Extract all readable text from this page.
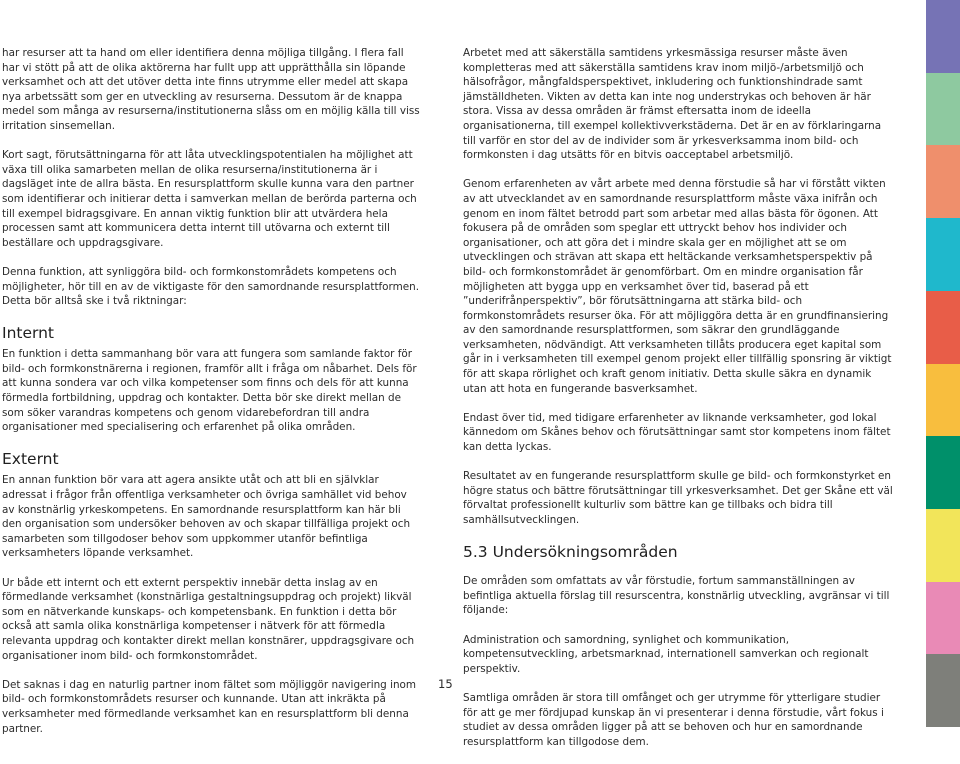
har resurser att ta hand om eller identifiera denna möjliga tillgång. I flera fall har vi stött på att de olika aktörerna har fullt upp att upprätthålla sin löpande verksamhet och att det utöver detta inte finns utrymme eller medel att skapa nya arbetssätt som ger en utveckling av resurserna. Dessutom är de knappa medel som många av resurserna/institutionerna slåss om en möjlig källa till viss irritation sinsemellan.

Kort sagt, förutsättningarna för att låta utvecklingspotentialen ha möjlighet att växa till olika samarbeten mellan de olika resurserna/institutionerna är i dagsläget inte de allra bästa. En resursplattform skulle kunna vara den partner som identifierar och initierar detta i samverkan mellan de berörda parterna och till exempel bidragsgivare. En annan viktig funktion blir att utvärdera hela processen samt att kommunicera detta internt till utövarna och externt till beställare och uppdragsgivare.

Denna funktion, att synliggöra bild- och formkonstområdets kompetens och möjligheter, hör till en av de viktigaste för den samordnande resursplattformen. Detta bör alltså ske i två riktningar:

Internt

En funktion i detta sammanhang bör vara att fungera som samlande faktor för bild- och formkonstnärerna i regionen, framför allt i fråga om nåbarhet. Dels för att kunna sondera var och vilka kompetenser som finns och dels för att kunna förmedla fortbildning, uppdrag och kontakter. Detta bör ske direkt mellan de som söker varandras kompetens och genom vidarebefordran till andra organisationer med specialisering och erfarenhet på olika områden.

Externt

En annan funktion bör vara att agera ansikte utåt och att bli en självklar adressat i frågor från offentliga verksamheter och övriga samhället vid behov av konstnärlig yrkeskompetens. En samordnande resursplattform kan här bli den organisation som undersöker behoven av och skapar tillfälliga projekt och samarbeten som tillgodoser behov som uppkommer utanför befintliga verksamheters löpande verksamhet.

Ur både ett internt och ett externt perspektiv innebär detta inslag av en förmedlande verksamhet (konstnärliga gestaltningsuppdrag och projekt) likväl som en nätverkande kunskaps- och kompetensbank. En funktion i detta bör också att samla olika konstnärliga kompetenser i nätverk för att förmedla relevanta uppdrag och kontakter direkt mellan konstnärer, uppdragsgivare och organisationer inom bild- och formkonstområdet.

Det saknas i dag en naturlig partner inom fältet som möjliggör navigering inom bild- och formkonstområdets resurser och kunnande. Utan att inkräkta på verksamheter med förmedlande verksamhet kan en resursplattform bli denna partner.

Arbetet med att säkerställa samtidens yrkesmässiga resurser måste även kompletteras med att säkerställa samtidens krav inom miljö-/arbetsmiljö och hälsofrågor, mångfaldsperspektivet, inkludering och funktionshindrade samt jämställdheten. Vikten av detta kan inte nog understrykas och behoven är här stora. Vissa av dessa områden är främst eftersatta inom de ideella organisationerna, till exempel kollektivverkstäderna. Det är en av förklaringarna till varför en stor del av de individer som är yrkesverksamma inom bild- och formkonsten i dag utsätts för en bitvis oacceptabel arbetsmiljö.

Genom erfarenheten av vårt arbete med denna förstudie så har vi förstått vikten av att utvecklandet av en samordnande resursplattform måste växa inifrån och genom en inom fältet betrodd part som arbetar med allas bästa för ögonen. Att fokusera på de områden som speglar ett uttryckt behov hos individer och organisationer, och att göra det i mindre skala ger en möjlighet att se om utvecklingen och strävan att skapa ett heltäckande verksamhetsperspektiv på bild- och formkonstområdet är genomförbart. Om en mindre organisation får möjligheten att bygga upp en verksamhet över tid, baserad på ett ”underifrånperspektiv”, bör förutsättningarna att stärka bild- och formkonstområdets resurser öka. För att möjliggöra detta är en grundfinansiering av den samordnande resursplattformen, som säkrar den grundläggande verksamheten, nödvändigt. Att verksamheten tillåts producera eget kapital som går in i verksamheten till exempel genom projekt eller tillfällig sponsring är viktigt för att skapa rörlighet och kraft genom initiativ. Detta skulle säkra en dynamik utan att hota en fungerande basverksamhet.

Endast över tid, med tidigare erfarenheter av liknande verksamheter, god lokal kännedom om Skånes behov och förutsättningar samt stor kompetens inom fältet kan detta lyckas.

Resultatet av en fungerande resursplattform skulle ge bild- och formkonstyrket en högre status och bättre förutsättningar till yrkesverksamhet. Det ger Skåne ett väl förvaltat professionellt kulturliv som bättre kan ge tillbaks och bidra till samhällsutvecklingen.

5.3 Undersökningsområden

De områden som omfattats av vår förstudie, fortum sammanställningen av befintliga aktuella förslag till resurscentra, konstnärlig utveckling, avgränsar vi till följande:

Administration och samordning, synlighet och kommunikation, kompetensutveckling, arbetsmarknad, internationell samverkan och regionalt perspektiv.

Samtliga områden är stora till omfånget och ger utrymme för ytterligare studier för att ge mer fördjupad kunskap än vi presenterar i denna förstudie, vårt fokus i studiet av dessa områden ligger på att se behoven och hur en samordnande resursplattform kan tillgodose dem.

15
